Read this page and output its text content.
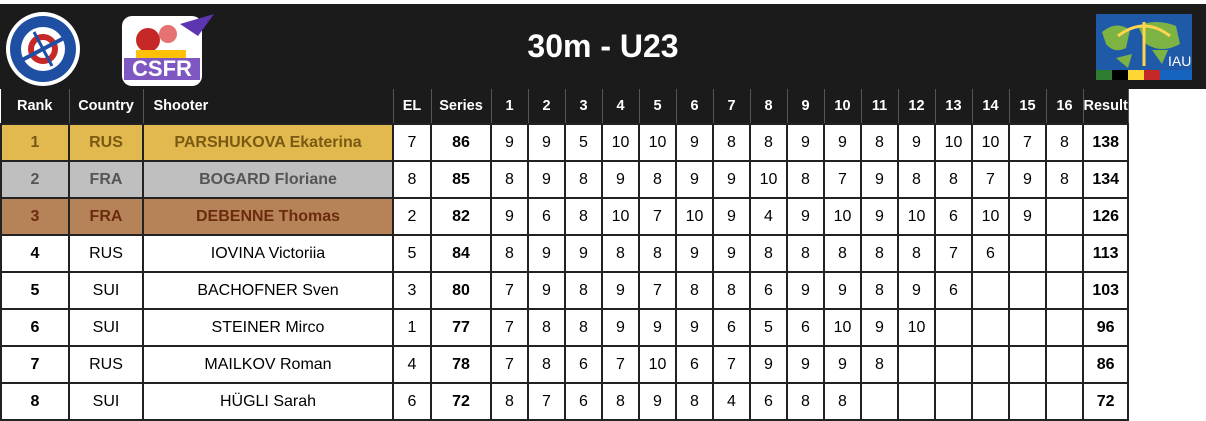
CSFR
30m - U23	IAU
Rank	Country	Shooter	EL	Series	1	2	3	4	5	6	7	8	9	10	11	12	13	14	15	16	Result
1	RUS	PARSHUKOVA Ekaterina	7	86	9	9	5	10	10	9	8	8	9	9	8	9	10	10	7	8	138
2	FRA	BOGARD Floriane	8	85	8	9	8	9	8	9	9	10	8	7	9	8	8	7	9	8	134
3	FRA	DEBENNE Thomas	2	82	9	6	8	10	7	10	9	4	9	10	9	10	6	10	9		126
4	RUS	IOVINA Victoriia	5	84	8	9	9	8	8	9	9	8	8	8	8	8	7	6			113
5	SUI	BACHOFNER Sven	3	80	7	9	8	9	7	8	8	6	9	9	8	9	6				103
6	SUI	STEINER Mirco	1	77	7	8	8	9	9	9	6	5	6	10	9	10					96
7	RUS	MAILKOV Roman	4	78	7	8	6	7	10	6	7	9	9	9	8						86
8	SUI	HÜGLI Sarah	6	72	8	7	6	8	9	8	4	6	8	8							72
